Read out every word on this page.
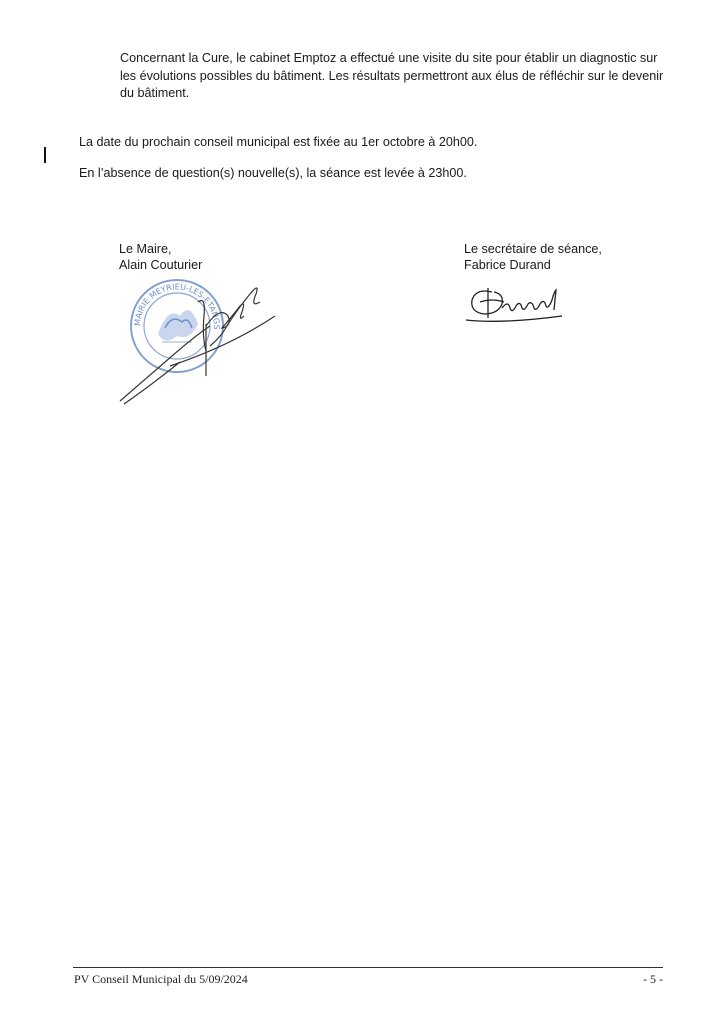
Concernant la Cure, le cabinet Emptoz a effectué une visite du site pour établir un diagnostic sur les évolutions possibles du bâtiment. Les résultats permettront aux élus de réfléchir sur le devenir du bâtiment.

La date du prochain conseil municipal est fixée au 1er octobre à 20h00.

En l’absence de question(s) nouvelle(s), la séance est levée à 23h00.

Le Maire,
Alain Couturier
MAIRIE MEYRIEU-LES-ETANGS
Le secrétaire de séance,
Fabrice Durand
PV Conseil Municipal du 5/09/2024	- 5 -
